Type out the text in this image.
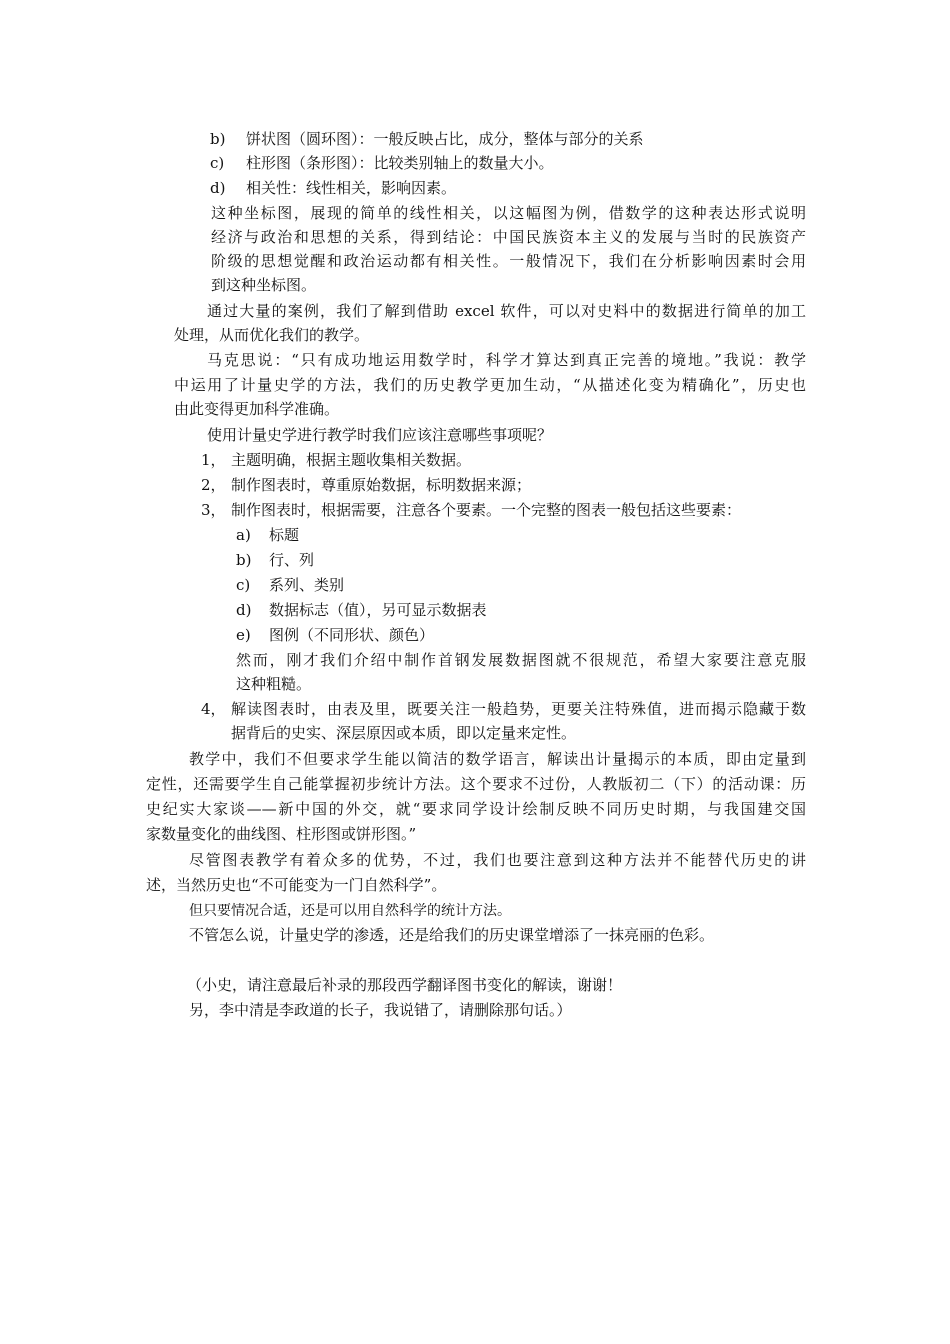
b) 饼状图（圆环图）：一般反映占比，成分，整体与部分的关系
c) 柱形图（条形图）：比较类别轴上的数量大小。
d) 相关性：线性相关，影响因素。
这种坐标图，展现的简单的线性相关，以这幅图为例，借数学的这种表达形式说明
经济与政治和思想的关系，得到结论：中国民族资本主义的发展与当时的民族资产
阶级的思想觉醒和政治运动都有相关性。一般情况下，我们在分析影响因素时会用
到这种坐标图。
通过大量的案例，我们了解到借助 excel 软件，可以对史料中的数据进行简单的加工
处理，从而优化我们的教学。
马克思说：“只有成功地运用数学时，科学才算达到真正完善的境地。”我说：教学
中运用了计量史学的方法，我们的历史教学更加生动，“从描述化变为精确化”，历史也
由此变得更加科学准确。
使用计量史学进行教学时我们应该注意哪些事项呢？
1， 主题明确，根据主题收集相关数据。
2， 制作图表时，尊重原始数据，标明数据来源；
3， 制作图表时，根据需要，注意各个要素。一个完整的图表一般包括这些要素：
a) 标题
b) 行、列
c) 系列、类别
d) 数据标志（值），另可显示数据表
e) 图例（不同形状、颜色）
然而，刚才我们介绍中制作首钢发展数据图就不很规范，希望大家要注意克服
这种粗糙。
4， 解读图表时，由表及里，既要关注一般趋势，更要关注特殊值，进而揭示隐藏于数
据背后的史实、深层原因或本质，即以定量来定性。
教学中，我们不但要求学生能以简洁的数学语言，解读出计量揭示的本质，即由定量到
定性，还需要学生自己能掌握初步统计方法。这个要求不过份，人教版初二（下）的活动课：历
史纪实大家谈——新中国的外交，就“要求同学设计绘制反映不同历史时期，与我国建交国
家数量变化的曲线图、柱形图或饼形图。”
尽管图表教学有着众多的优势，不过，我们也要注意到这种方法并不能替代历史的讲
述，当然历史也“不可能变为一门自然科学”。
但只要情况合适，还是可以用自然科学的统计方法。
不管怎么说，计量史学的渗透，还是给我们的历史课堂增添了一抹亮丽的色彩。
（小史，请注意最后补录的那段西学翻译图书变化的解读，谢谢！
另，李中清是李政道的长子，我说错了，请删除那句话。）
